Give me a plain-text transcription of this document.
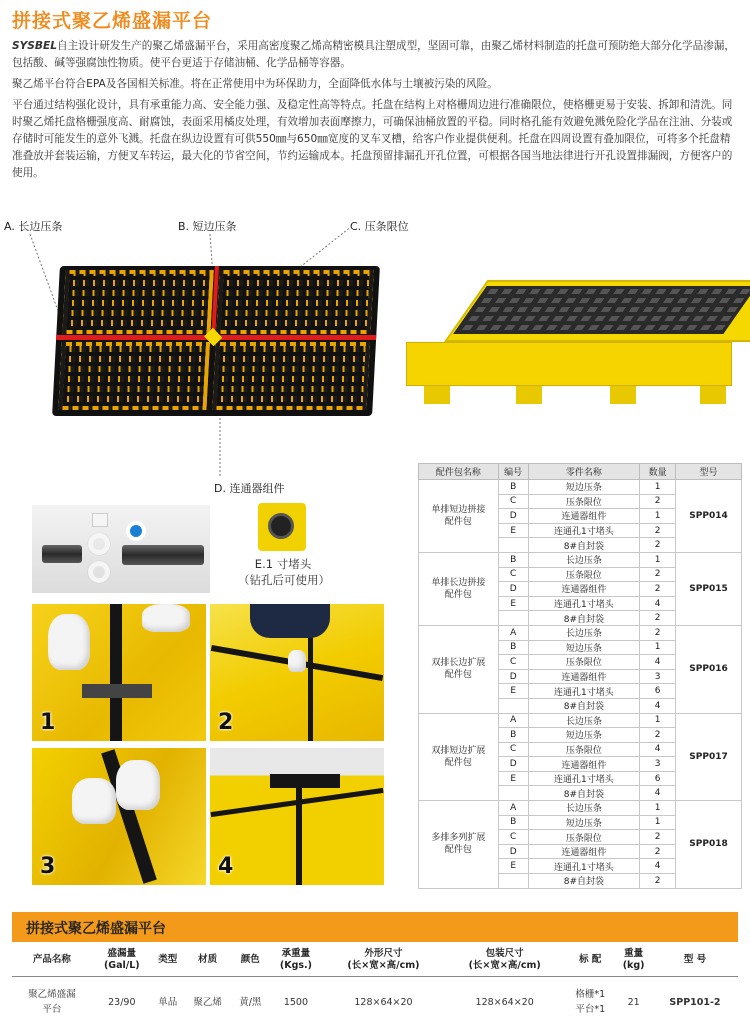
拼接式聚乙烯盛漏平台

SYSBEL自主设计研发生产的聚乙烯盛漏平台，采用高密度聚乙烯高精密模具注塑成型，坚固可靠，由聚乙烯材料制造的托盘可预防绝大部分化学品渗漏，包括酸、碱等强腐蚀性物质。使平台更适于存储油桶、化学品桶等容器。

聚乙烯平台符合EPA及各国相关标准。将在正常使用中为环保助力，全面降低水体与土壤被污染的风险。

平台通过结构强化设计，具有承重能力高、安全能力强、及稳定性高等特点。托盘在结构上对格栅周边进行准确限位，使格栅更易于安装、拆卸和清洗。同时聚乙烯托盘格栅强度高、耐腐蚀，表面采用橘皮处理，有效增加表面摩擦力，可确保油桶放置的平稳。同时格孔能有效避免溅免险化学品在注油、分装或存储时可能发生的意外飞溅。托盘在纵边设置有可供550㎜与650㎜宽度的叉车叉槽，给客户作业提供便利。托盘在四周设置有叠加限位，可将多个托盘精准叠放并套装运输，方便叉车转运，最大化的节省空间，节约运输成本。托盘预留排漏孔开孔位置，可根据各国当地法律进行开孔设置排漏阀，方便客户的使用。

A. 长边压条	B. 短边压条	C. 压条限位
D. 连通器组件
E.1 寸堵头
（钻孔后可使用）
1	2
3	4
配件包名称	编号	零件名称	数量	型号
单排短边拼接
配件包	B	短边压条	1	SPP014
	C	压条限位	2	
	D	连通器组件	1	
	E	连通孔1寸堵头	2	
		8#自封袋	2	
单排长边拼接
配件包	B	长边压条	1	SPP015
	C	压条限位	2	
	D	连通器组件	2	
	E	连通孔1寸堵头	4	
		8#自封袋	2	
双排长边扩展
配件包	A	长边压条	2	SPP016
	B	短边压条	1	
	C	压条限位	4	
	D	连通器组件	3	
	E	连通孔1寸堵头	6	
		8#自封袋	4	
双排短边扩展
配件包	A	长边压条	1	SPP017
	B	短边压条	2	
	C	压条限位	4	
	D	连通器组件	3	
	E	连通孔1寸堵头	6	
		8#自封袋	4	
多排多列扩展
配件包	A	长边压条	1	SPP018
	B	短边压条	1	
	C	压条限位	2	
	D	连通器组件	2	
	E	连通孔1寸堵头	4	
		8#自封袋	2	
拼接式聚乙烯盛漏平台
产品名称	盛漏量
(Gal/L)	类型	材质	颜色	承重量
(Kgs.)	外形尺寸
(长×宽×高/cm)	包装尺寸
(长×宽×高/cm)	标 配	重量
(kg)	型 号
聚乙烯盛漏
平台	23/90	单品	聚乙烯	黄/黑	1500	128×64×20	128×64×20	格栅*1
平台*1	21	SPP101-2
